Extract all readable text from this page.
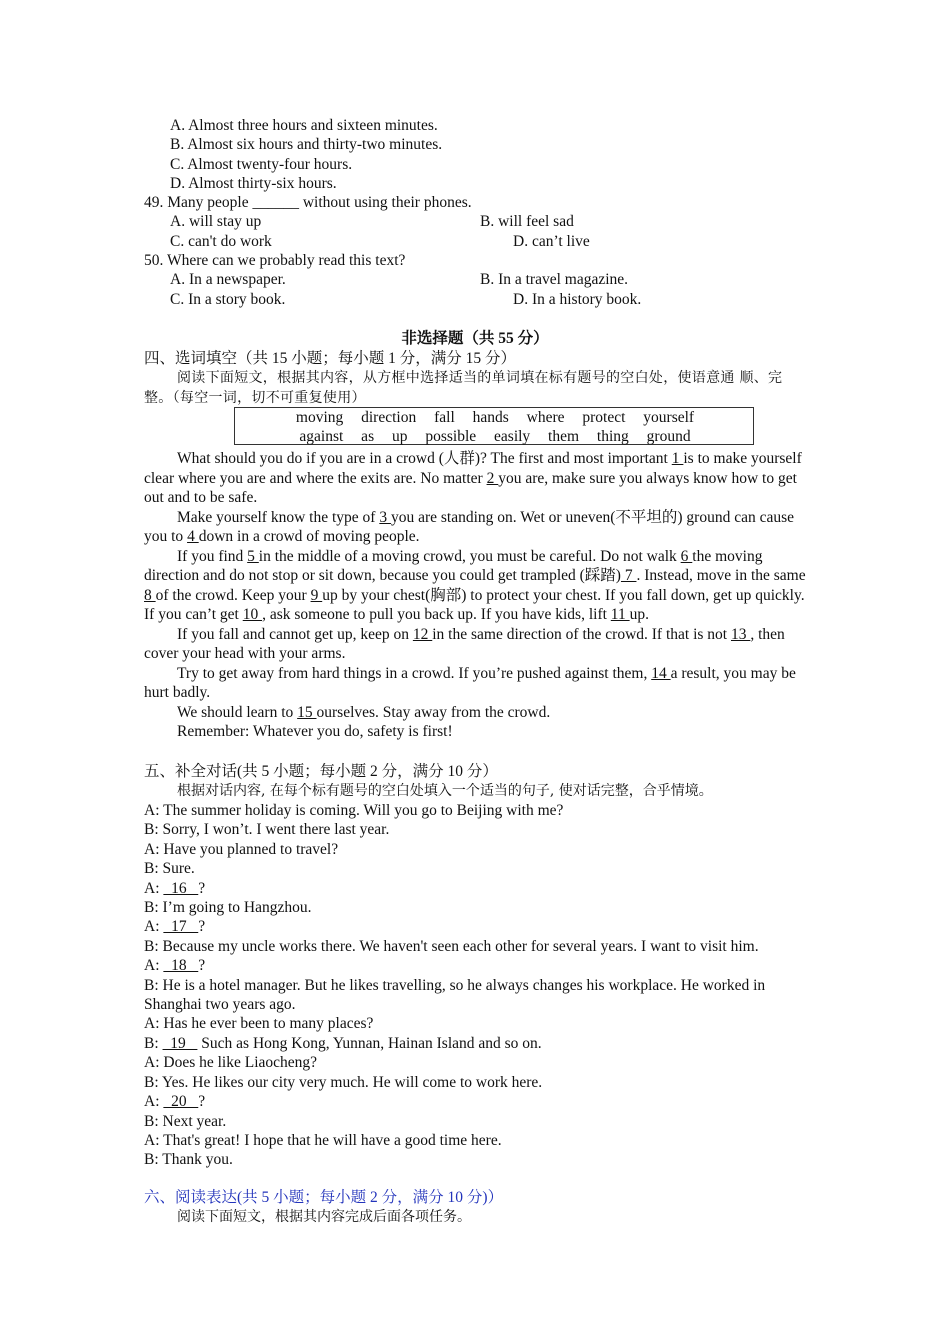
A. Almost three hours and sixteen minutes.
B. Almost six hours and thirty-two minutes.
C. Almost twenty-four hours.
D. Almost thirty-six hours.
49. Many people ______ without using their phones.
A. will stay up	B. will feel sad
C. can't do work	D. can’t live
50. Where can we probably read this text?
A. In a newspaper.	B. In a travel magazine.
C. In a story book.	D. In a history book.
非选择题（共 55 分）
四、选词填空（共 15 小题；每小题 1 分，满分 15 分）
阅读下面短文，根据其内容，从方框中选择适当的单词填在标有题号的空白处，使语意通 顺、完整。（每空一词，切不可重复使用）
moving direction fall hands where protect yourself
against as up possible easily them thing ground

What should you do if you are in a crowd (人群)? The first and most important 1 is to make yourself clear where you are and where the exits are. No matter 2 you are, make sure you always know how to get out and to be safe.

Make yourself know the type of 3 you are standing on. Wet or uneven(不平坦的) ground can cause you to 4 down in a crowd of moving people.

If you find 5 in the middle of a moving crowd, you must be careful. Do not walk 6 the moving direction and do not stop or sit down, because you could get trampled (踩踏) 7 . Instead, move in the same 8 of the crowd. Keep your 9 up by your chest(胸部) to protect your chest. If you fall down, get up quickly. If you can’t get 10 , ask someone to pull you back up. If you have kids, lift 11 up.

If you fall and cannot get up, keep on 12 in the same direction of the crowd. If that is not 13 , then cover your head with your arms.

Try to get away from hard things in a crowd. If you’re pushed against them, 14 a result, you may be hurt badly.

We should learn to 15 ourselves. Stay away from the crowd.

Remember: Whatever you do, safety is first!

五、补全对话(共 5 小题；每小题 2 分，满分 10 分）
根据对话内容, 在每个标有题号的空白处填入一个适当的句子, 使对话完整，合乎情境。
A: The summer holiday is coming. Will you go to Beijing with me?
B: Sorry, I won’t. I went there last year.
A: Have you planned to travel?
B: Sure.
A:   16   ?
B: I’m going to Hangzhou.
A:   17   ?
B: Because my uncle works there. We haven't seen each other for several years. I want to visit him.
A:   18   ?
B: He is a hotel manager. But he likes travelling, so he always changes his workplace. He worked in Shanghai two years ago.
A: Has he ever been to many places?
B:   19    Such as Hong Kong, Yunnan, Hainan Island and so on.
A: Does he like Liaocheng?
B: Yes. He likes our city very much. He will come to work here.
A:   20   ?
B: Next year.
A: That's great! I hope that he will have a good time here.
B: Thank you.
六、阅读表达(共 5 小题；每小题 2 分，满分 10 分)）
阅读下面短文，根据其内容完成后面各项任务。
